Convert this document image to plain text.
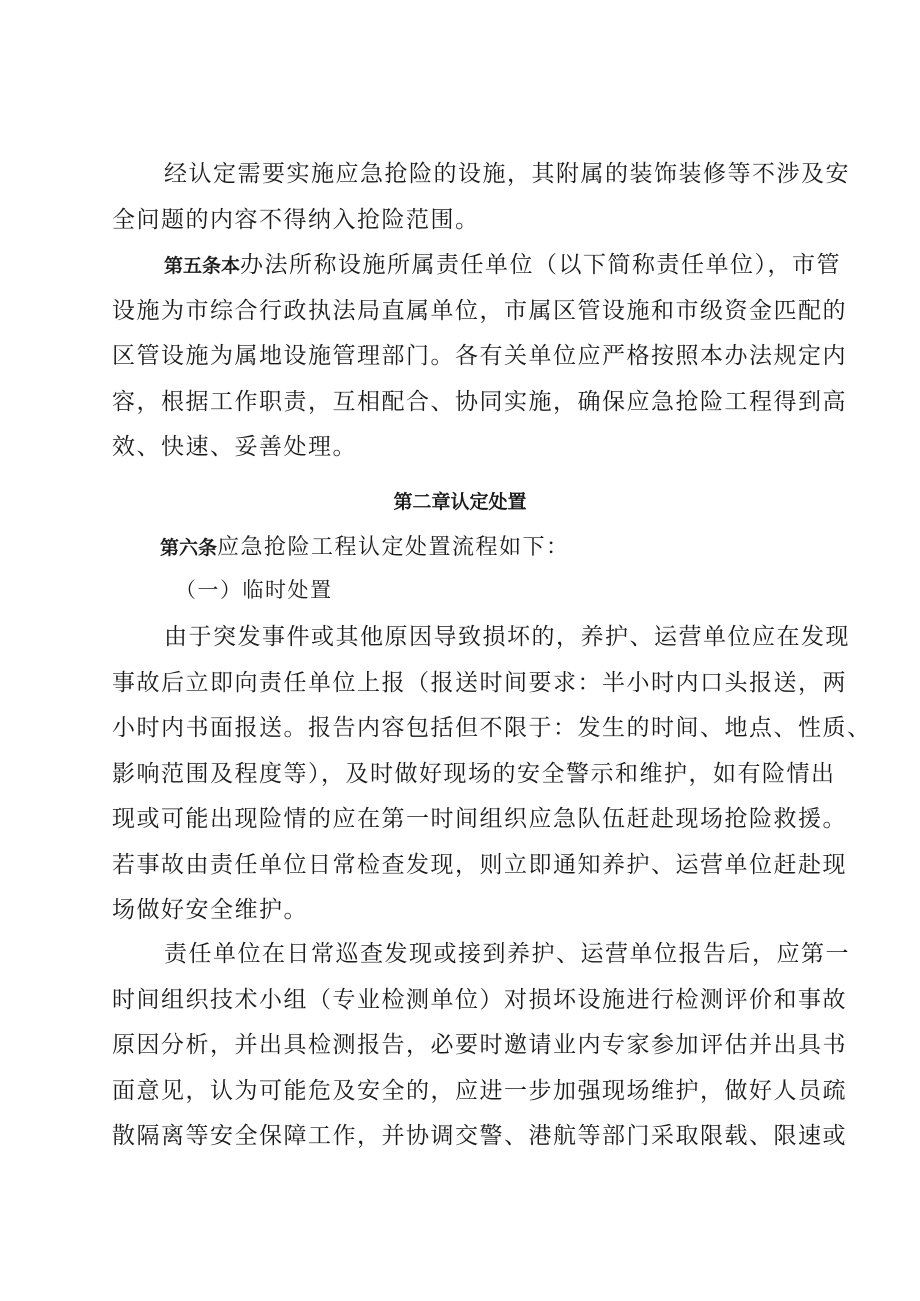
经认定需要实施应急抢险的设施，其附属的装饰装修等不涉及安
全问题的内容不得纳入抢险范围。
第五条本办法所称设施所属责任单位（以下简称责任单位），市管
设施为市综合行政执法局直属单位，市属区管设施和市级资金匹配的
区管设施为属地设施管理部门。各有关单位应严格按照本办法规定内
容，根据工作职责，互相配合、协同实施，确保应急抢险工程得到高
效、快速、妥善处理。
第二章认定处置
第六条应急抢险工程认定处置流程如下：
（一）临时处置
由于突发事件或其他原因导致损坏的，养护、运营单位应在发现
事故后立即向责任单位上报（报送时间要求：半小时内口头报送，两
小时内书面报送。报告内容包括但不限于：发生的时间、地点、性质、
影响范围及程度等），及时做好现场的安全警示和维护，如有险情出
现或可能出现险情的应在第一时间组织应急队伍赶赴现场抢险救援。
若事故由责任单位日常检查发现，则立即通知养护、运营单位赶赴现
场做好安全维护。
责任单位在日常巡查发现或接到养护、运营单位报告后，应第一
时间组织技术小组（专业检测单位）对损坏设施进行检测评价和事故
原因分析，并出具检测报告，必要时邀请业内专家参加评估并出具书
面意见，认为可能危及安全的，应进一步加强现场维护，做好人员疏
散隔离等安全保障工作，并协调交警、港航等部门采取限载、限速或
